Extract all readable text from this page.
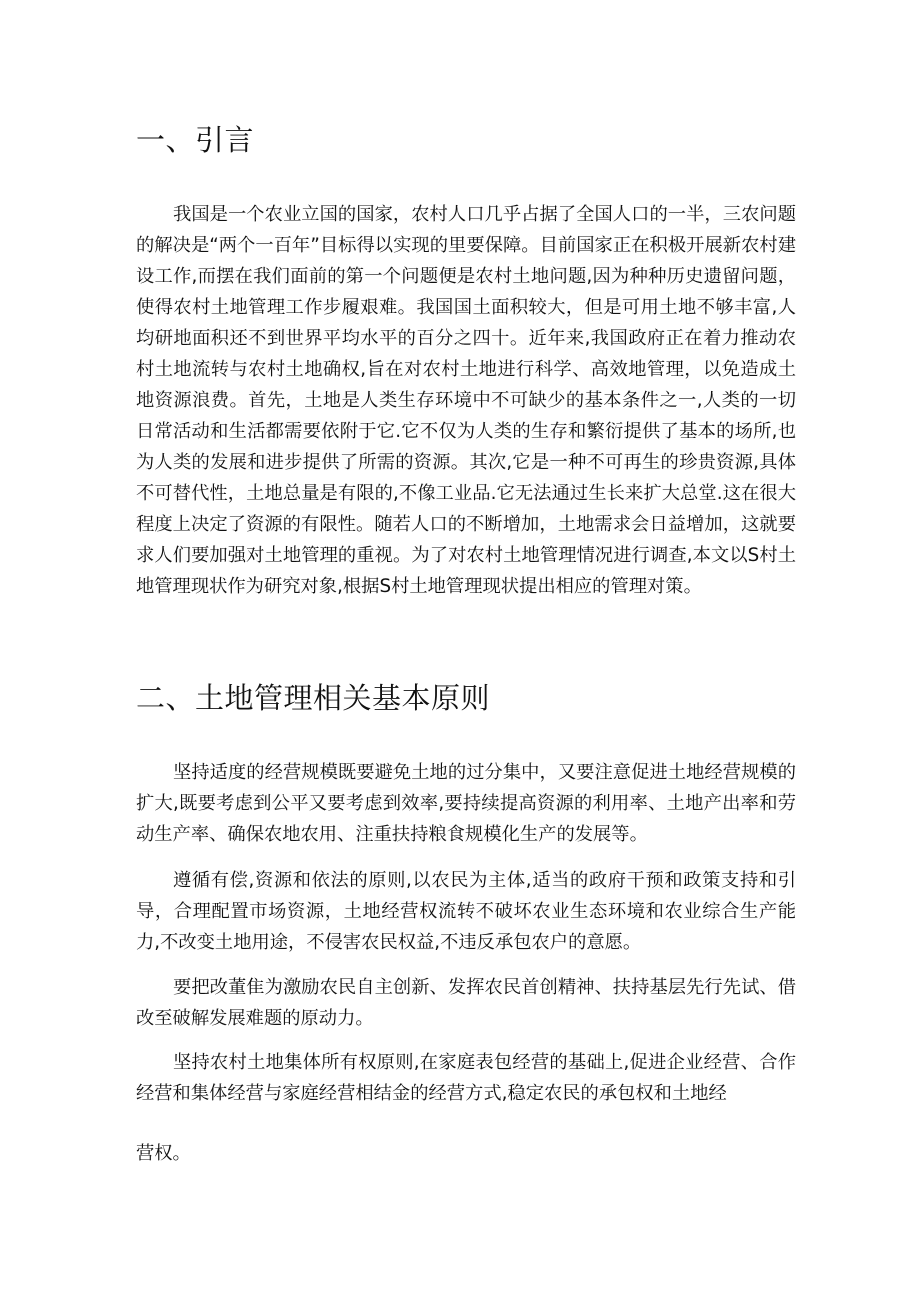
一、引言

我国是一个农业立国的国家，农村人口几乎占据了全国人口的一半，三农问题的解决是“两个一百年”目标得以实现的里要保障。目前国家正在积极开展新农村建设工作,而摆在我们面前的第一个问题便是农村土地问题,因为种种历史遗留问题，使得农村土地管理工作步履艰难。我国国土面积较大，但是可用土地不够丰富,人均研地面积还不到世界平均水平的百分之四十。近年来,我国政府正在着力推动农村土地流转与农村土地确权,旨在对农村土地进行科学、高效地管理，以免造成土地资源浪费。首先，土地是人类生存环境中不可缺少的基本条件之一,人类的一切日常活动和生活都需要依附于它.它不仅为人类的生存和繁衍提供了基本的场所,也为人类的发展和进步提供了所需的资源。其次,它是一种不可再生的珍贵资源,具体不可替代性，土地总量是有限的,不像工业品.它无法通过生长来扩大总堂.这在很大程度上决定了资源的有限性。随若人口的不断增加，土地需求会日益增加，这就要求人们要加强对土地管理的重视。为了对农村土地管理情况进行调查,本文以S村土地管理现状作为研究对象,根据S村土地管理现状提出相应的管理对策。

二、土地管理相关基本原则

坚持适度的经营规模既要避免土地的过分集中，又要注意促进土地经营规模的扩大,既要考虑到公平又要考虑到效率,要持续提高资源的利用率、土地产出率和劳动生产率、确保农地农用、注重扶持粮食规模化生产的发展等。

遵循有偿,资源和依法的原则,以农民为主体,适当的政府干预和政策支持和引导，合理配置市场资源，土地经营权流转不破坏农业生态环境和农业综合生产能力,不改变土地用途，不侵害农民权益,不违反承包农户的意愿。

要把改董隹为激励农民自主创新、发挥农民首创精神、扶持基层先行先试、借改至破解发展难题的原动力。

坚持农村土地集体所有权原则,在家庭表包经营的基础上,促进企业经营、合作经营和集体经营与家庭经营相结金的经营方式,稳定农民的承包权和土地经

营权。
